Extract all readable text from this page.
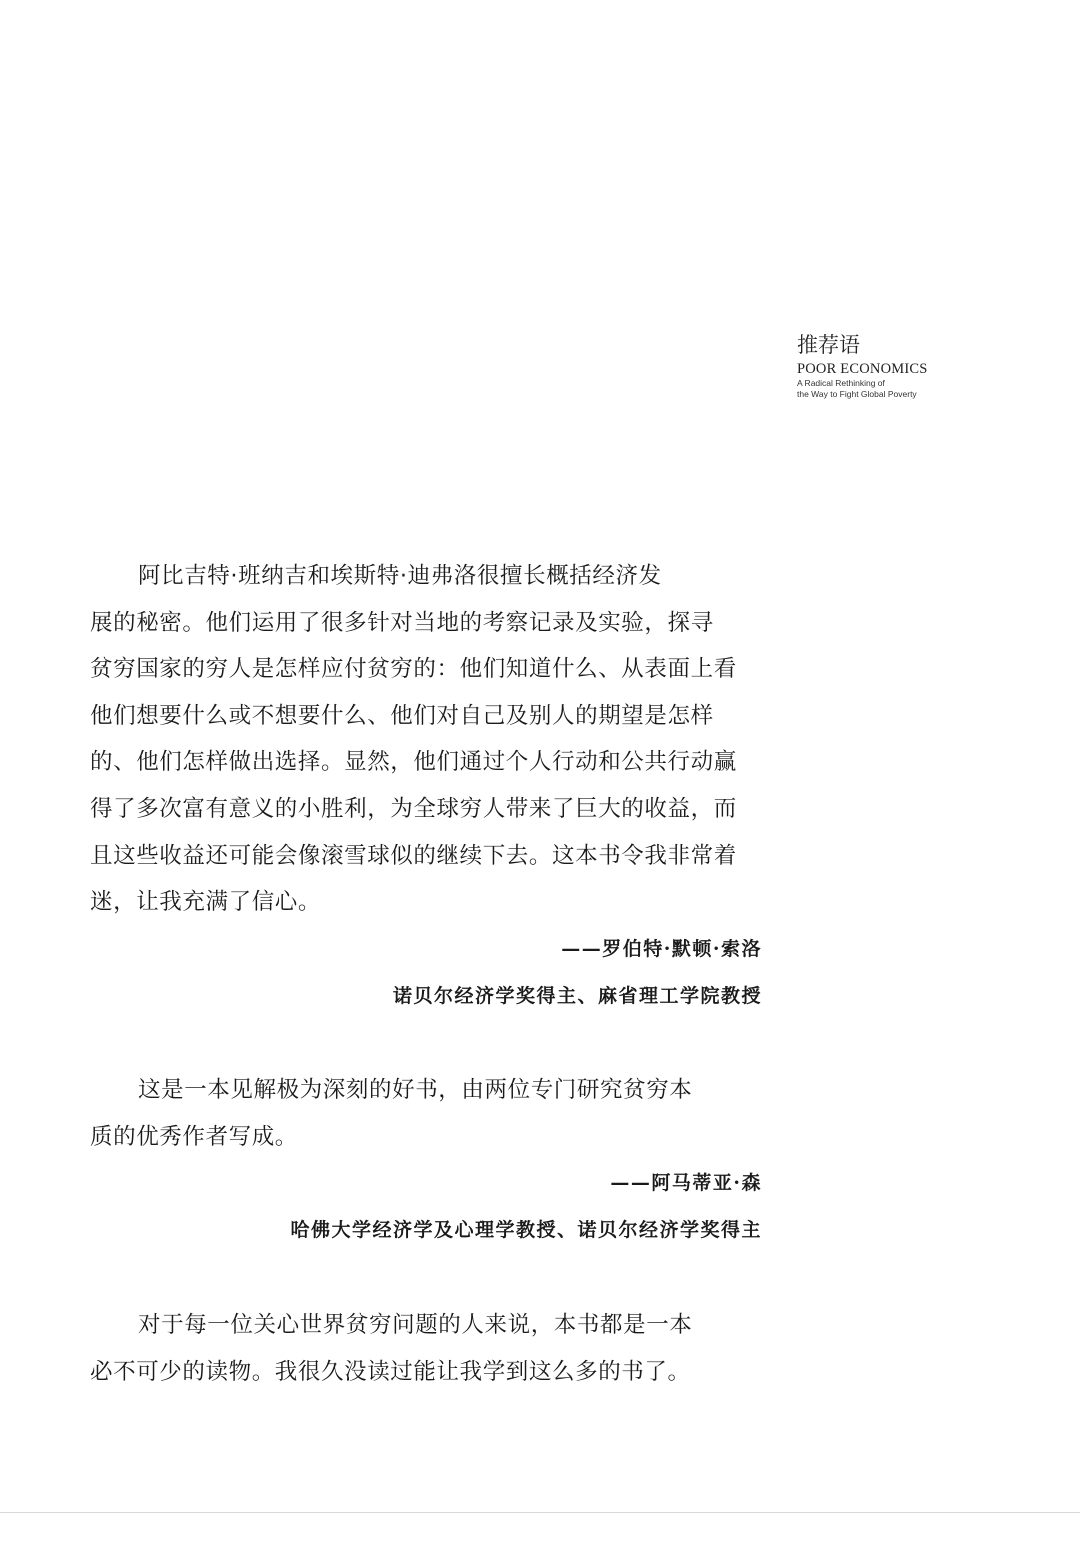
推荐语
POOR ECONOMICS
A Radical Rethinking of
the Way to Fight Global Poverty

阿比吉特·班纳吉和埃斯特·迪弗洛很擅长概括经济发
展的秘密。他们运用了很多针对当地的考察记录及实验，探寻
贫穷国家的穷人是怎样应付贫穷的：他们知道什么、从表面上看
他们想要什么或不想要什么、他们对自己及别人的期望是怎样
的、他们怎样做出选择。显然，他们通过个人行动和公共行动赢
得了多次富有意义的小胜利，为全球穷人带来了巨大的收益，而
且这些收益还可能会像滚雪球似的继续下去。这本书令我非常着
迷，让我充满了信心。

——罗伯特·默顿·索洛
诺贝尔经济学奖得主、麻省理工学院教授

这是一本见解极为深刻的好书，由两位专门研究贫穷本
质的优秀作者写成。

——阿马蒂亚·森
哈佛大学经济学及心理学教授、诺贝尔经济学奖得主

对于每一位关心世界贫穷问题的人来说，本书都是一本
必不可少的读物。我很久没读过能让我学到这么多的书了。
